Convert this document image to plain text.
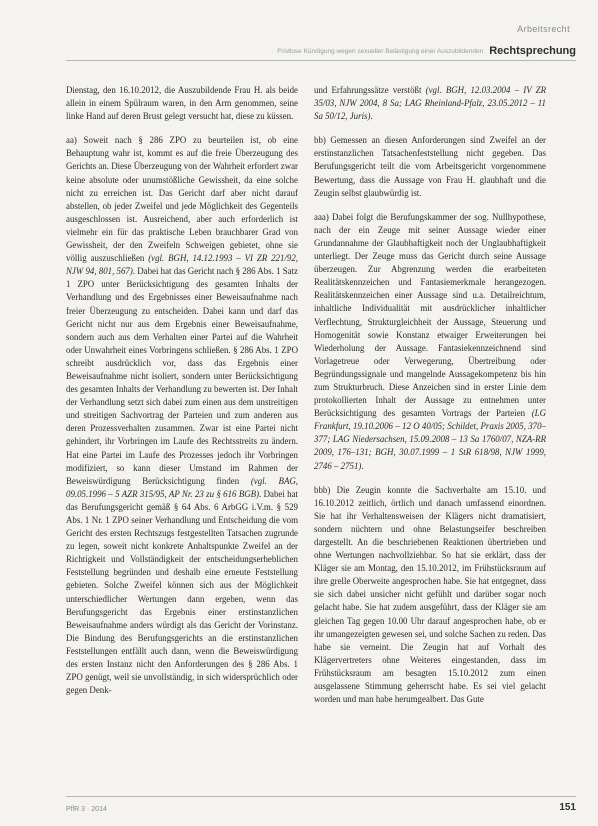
Arbeitsrecht
Fristlose Kündigung wegen sexueller Belästigung einer Auszubildenden Rechtsprechung

Dienstag, den 16.10.2012, die Auszubildende Frau H. als beide allein in einem Spülraum waren, in den Arm genommen, seine linke Hand auf deren Brust gelegt versucht hat, diese zu küssen.

aa) Soweit nach § 286 ZPO zu beurteilen ist, ob eine Behauptung wahr ist, kommt es auf die freie Überzeugung des Gerichts an. Diese Überzeugung von der Wahrheit erfordert zwar keine absolute oder unumstößliche Gewissheit, da eine solche nicht zu erreichen ist. Das Gericht darf aber nicht darauf abstellen, ob jeder Zweifel und jede Möglichkeit des Gegenteils ausgeschlossen ist. Ausreichend, aber auch erforderlich ist vielmehr ein für das praktische Leben brauchbarer Grad von Gewissheit, der den Zweifeln Schweigen gebietet, ohne sie völlig auszuschließen (vgl. BGH, 14.12.1993 – VI ZR 221/92, NJW 94, 801, 567). Dabei hat das Gericht nach § 286 Abs. 1 Satz 1 ZPO unter Berücksichtigung des gesamten Inhalts der Verhandlung und des Ergebnisses einer Beweisaufnahme nach freier Überzeugung zu entscheiden. Dabei kann und darf das Gericht nicht nur aus dem Ergebnis einer Beweisaufnahme, sondern auch aus dem Verhalten einer Partei auf die Wahrheit oder Unwahrheit eines Vorbringens schließen. § 286 Abs. 1 ZPO schreibt ausdrücklich vor, dass das Ergebnis einer Beweisaufnahme nicht isoliert, sondern unter Berücksichtigung des gesamten Inhalts der Verhandlung zu bewerten ist. Der Inhalt der Verhandlung setzt sich dabei zum einen aus dem unstreitigen und streitigen Sachvortrag der Parteien und zum anderen aus deren Prozessverhalten zusammen. Zwar ist eine Partei nicht gehindert, ihr Vorbringen im Laufe des Rechtsstreits zu ändern. Hat eine Partei im Laufe des Prozesses jedoch ihr Vorbringen modifiziert, so kann dieser Umstand im Rahmen der Beweiswürdigung Berücksichtigung finden (vgl. BAG, 09.05.1996 – 5 AZR 315/95, AP Nr. 23 zu § 616 BGB). Dabei hat das Berufungsgericht gemäß § 64 Abs. 6 ArbGG i.V.m. § 529 Abs. 1 Nr. 1 ZPO seiner Verhandlung und Entscheidung die vom Gericht des ersten Rechtszugs festgestellten Tatsachen zugrunde zu legen, soweit nicht konkrete Anhaltspunkte Zweifel an der Richtigkeit und Vollständigkeit der entscheidungserheblichen Feststellung begründen und deshalb eine erneute Feststellung gebieten. Solche Zweifel können sich aus der Möglichkeit unterschiedlicher Wertungen dann ergeben, wenn das Berufungsgericht das Ergebnis einer erstinstanzlichen Beweisaufnahme anders würdigt als das Gericht der Vorinstanz. Die Bindung des Berufungsgerichts an die erstinstanzlichen Feststellungen entfällt auch dann, wenn die Beweiswürdigung des ersten Instanz nicht den Anforderungen des § 286 Abs. 1 ZPO genügt, weil sie unvollständig, in sich widersprüchlich oder gegen Denk-

und Erfahrungssätze verstößt (vgl. BGH, 12.03.2004 – IV ZR 35/03, NJW 2004, 8 Sa; LAG Rheinland-Pfalz, 23.05.2012 – 11 Sa 50/12, Juris).

bb) Gemessen an diesen Anforderungen sind Zweifel an der erstinstanzlichen Tatsachenfeststellung nicht gegeben. Das Berufungsgericht teilt die vom Arbeitsgericht vorgenommene Bewertung, dass die Aussage von Frau H. glaubhaft und die Zeugin selbst glaubwürdig ist.

aaa) Dabei folgt die Berufungskammer der sog. Nullhypothese, nach der ein Zeuge mit seiner Aussage wieder einer Grundannahme der Glaubhaftigkeit noch der Unglaubhaftigkeit unterliegt. Der Zeuge muss das Gericht durch seine Aussage überzeugen. Zur Abgrenzung werden die erarbeiteten Realitätskennzeichen und Fantasiemerkmale herangezogen. Realitätskennzeichen einer Aussage sind u.a. Detailreichtum, inhaltliche Individualität mit ausdrücklicher inhaltlicher Verflechtung, Strukturgleichheit der Aussage, Steuerung und Homogenität sowie Konstanz etwaiger Erweiterungen bei Wiederholung der Aussage. Fantasiekennzeichnend sind Vorlagetreue oder Verwegerung, Übertreibung oder Begründungssignale und mangelnde Aussagekompetenz bis hin zum Strukturbruch. Diese Anzeichen sind in erster Linie dem protokollierten Inhalt der Aussage zu entnehmen unter Berücksichtigung des gesamten Vortrags der Parteien (LG Frankfurt, 19.10.2006 – 12 O 40/05; Schildet, Praxis 2005, 370–377; LAG Niedersachsen, 15.09.2008 – 13 Sa 1760/07, NZA-RR 2009, 176–131; BGH, 30.07.1999 – 1 StR 618/98, NJW 1999, 2746 – 2751).

bbb) Die Zeugin konnte die Sachverhalte am 15.10. und 16.10.2012 zeitlich, örtlich und danach umfassend einordnen. Sie hat ihr Verhaltensweisen der Klägers nicht dramatisiert, sondern nüchtern und ohne Belastungseifer beschreiben dargestellt. An die beschriebenen Reaktionen übertrieben und ohne Wertungen nachvollziehbar. So hat sie erklärt, dass der Kläger sie am Montag, den 15.10.2012, im Frühstücksraum auf ihre grelle Oberweite angesprochen habe. Sie hat entgegnet, dass sie sich dabei unsicher nicht gefühlt und darüber sogar noch gelacht habe. Sie hat zudem ausgeführt, dass der Kläger sie am gleichen Tag gegen 10.00 Uhr darauf angesprochen habe, ob er ihr umangezeigten gewesen sei, und solche Sachen zu reden. Das habe sie verneint. Die Zeugin hat auf Vorhalt des Klägervertreters ohne Weiteres eingestanden, dass im Frühstücksraum am besagten 15.10.2012 zum einen ausgelassene Stimmung geherrscht habe. Es sei viel gelacht worden und man habe herumgealbert. Das Gute

PflR 3 · 2014	151
